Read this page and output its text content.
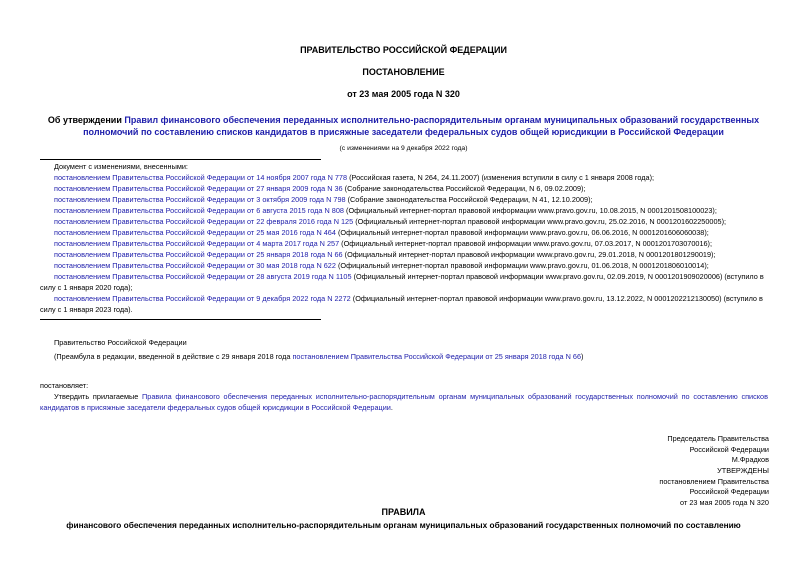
ПРАВИТЕЛЬСТВО РОССИЙСКОЙ ФЕДЕРАЦИИ
ПОСТАНОВЛЕНИЕ
от 23 мая 2005 года N 320
Об утверждении Правил финансового обеспечения переданных исполнительно-распорядительным органам муниципальных образований государственных
полномочий по составлению списков кандидатов в присяжные заседатели федеральных судов общей юрисдикции в Российской Федерации
(с изменениями на 9 декабря 2022 года)
Документ с изменениями, внесенными:
постановлением Правительства Российской Федерации от 14 ноября 2007 года N 778 (Российская газета, N 264, 24.11.2007) (изменения вступили в силу с 1 января 2008 года);
постановлением Правительства Российской Федерации от 27 января 2009 года N 36 (Собрание законодательства Российской Федерации, N 6, 09.02.2009);
постановлением Правительства Российской Федерации от 3 октября 2009 года N 798 (Собрание законодательства Российской Федерации, N 41, 12.10.2009);
постановлением Правительства Российской Федерации от 6 августа 2015 года N 808 (Официальный интернет-портал правовой информации www.pravo.gov.ru, 10.08.2015, N 0001201508100023);
постановлением Правительства Российской Федерации от 22 февраля 2016 года N 125 (Официальный интернет-портал правовой информации www.pravo.gov.ru, 25.02.2016, N 0001201602250005);
постановлением Правительства Российской Федерации от 25 мая 2016 года N 464 (Официальный интернет-портал правовой информации www.pravo.gov.ru, 06.06.2016, N 0001201606060038);
постановлением Правительства Российской Федерации от 4 марта 2017 года N 257 (Официальный интернет-портал правовой информации www.pravo.gov.ru, 07.03.2017, N 0001201703070016);
постановлением Правительства Российской Федерации от 25 января 2018 года N 66 (Официальный интернет-портал правовой информации www.pravo.gov.ru, 29.01.2018, N 0001201801290019);
постановлением Правительства Российской Федерации от 30 мая 2018 года N 622 (Официальный интернет-портал правовой информации www.pravo.gov.ru, 01.06.2018, N 0001201806010014);
постановлением Правительства Российской Федерации от 28 августа 2019 года N 1105 (Официальный интернет-портал правовой информации www.pravo.gov.ru, 02.09.2019, N 0001201909020006) (вступило в
силу с 1 января 2020 года);
постановлением Правительства Российской Федерации от 9 декабря 2022 года N 2272 (Официальный интернет-портал правовой информации www.pravo.gov.ru, 13.12.2022, N 0001202212130050) (вступило в
силу с 1 января 2023 года).
Правительство Российской Федерации
(Преамбула в редакции, введенной в действие с 29 января 2018 года постановлением Правительства Российской Федерации от 25 января 2018 года N 66)
постановляет:
Утвердить прилагаемые Правила финансового обеспечения переданных исполнительно-распорядительным органам муниципальных образований государственных полномочий по составлению списков кандидатов в присяжные заседатели федеральных судов общей юрисдикции в Российской Федерации.
Председатель Правительства
Российской Федерации
М.Фрадков
УТВЕРЖДЕНЫ
постановлением Правительства
Российской Федерации
от 23 мая 2005 года N 320
ПРАВИЛА
финансового обеспечения переданных исполнительно-распорядительным органам муниципальных образований государственных полномочий по составлению
